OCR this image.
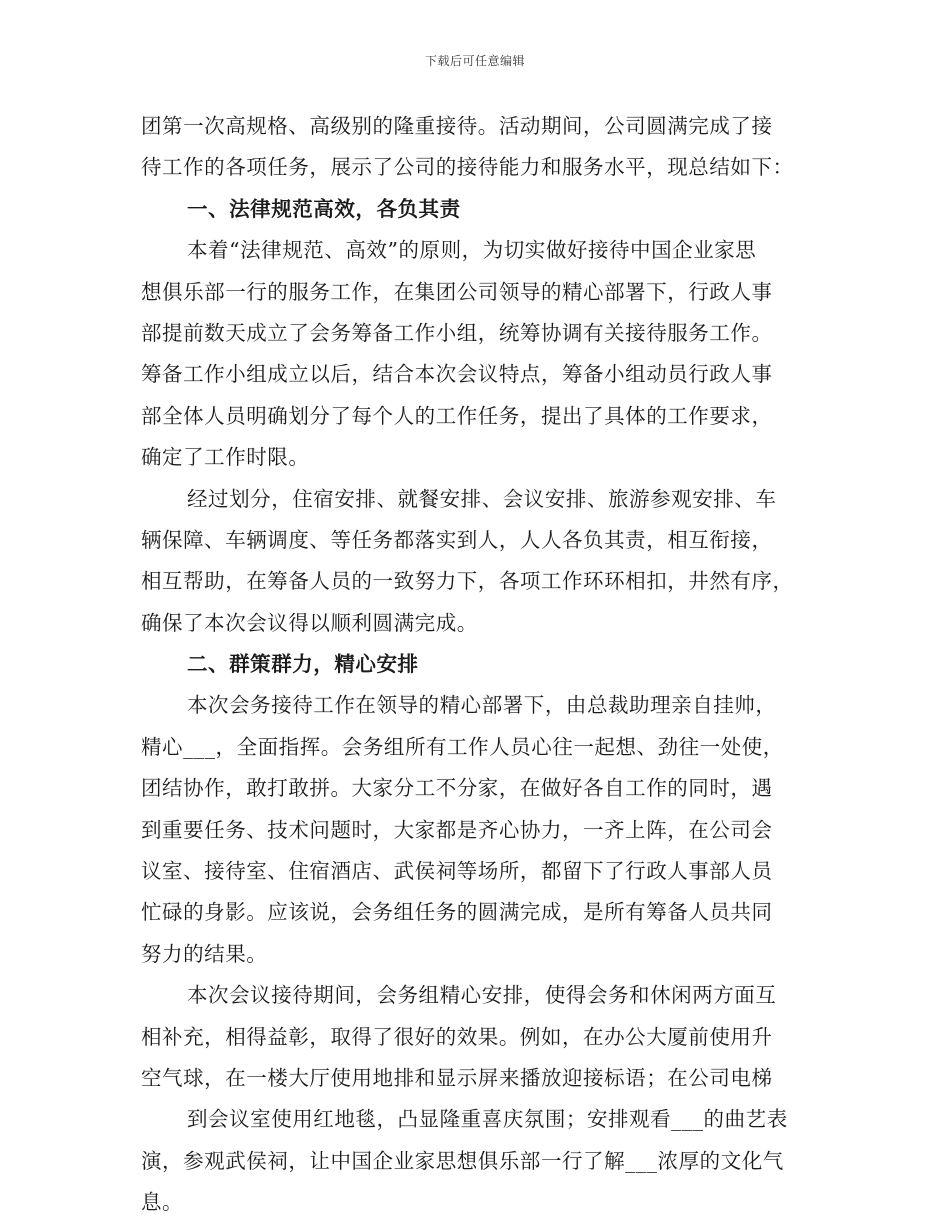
下载后可任意编辑
团第一次高规格、高级别的隆重接待。活动期间，公司圆满完成了接
待工作的各项任务，展示了公司的接待能力和服务水平，现总结如下：
一、法律规范高效，各负其责
本着“法律规范、高效”的原则，为切实做好接待中国企业家思
想俱乐部一行的服务工作，在集团公司领导的精心部署下，行政人事
部提前数天成立了会务筹备工作小组，统筹协调有关接待服务工作。
筹备工作小组成立以后，结合本次会议特点，筹备小组动员行政人事
部全体人员明确划分了每个人的工作任务，提出了具体的工作要求，
确定了工作时限。
经过划分，住宿安排、就餐安排、会议安排、旅游参观安排、车
辆保障、车辆调度、等任务都落实到人，人人各负其责，相互衔接，
相互帮助，在筹备人员的一致努力下，各项工作环环相扣，井然有序，
确保了本次会议得以顺利圆满完成。
二、群策群力，精心安排
本次会务接待工作在领导的精心部署下，由总裁助理亲自挂帅，
精心___，全面指挥。会务组所有工作人员心往一起想、劲往一处使，
团结协作，敢打敢拼。大家分工不分家，在做好各自工作的同时，遇
到重要任务、技术问题时，大家都是齐心协力，一齐上阵，在公司会
议室、接待室、住宿酒店、武侯祠等场所，都留下了行政人事部人员
忙碌的身影。应该说，会务组任务的圆满完成，是所有筹备人员共同
努力的结果。
本次会议接待期间，会务组精心安排，使得会务和休闲两方面互
相补充，相得益彰，取得了很好的效果。例如，在办公大厦前使用升
空气球，在一楼大厅使用地排和显示屏来播放迎接标语；在公司电梯
到会议室使用红地毯，凸显隆重喜庆氛围；安排观看___的曲艺表
演，参观武侯祠，让中国企业家思想俱乐部一行了解___浓厚的文化气
息。
